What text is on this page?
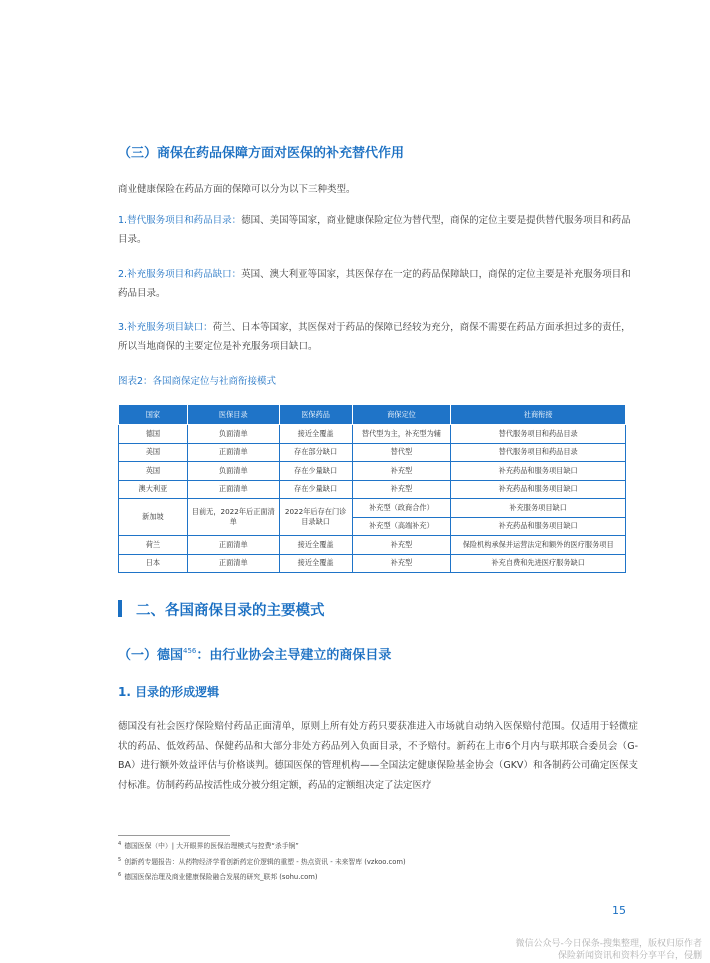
（三）商保在药品保障方面对医保的补充替代作用
商业健康保险在药品方面的保障可以分为以下三种类型。
1.替代服务项目和药品目录：德国、美国等国家，商业健康保险定位为替代型，商保的定位主要是提供替代服务项目和药品目录。
2.补充服务项目和药品缺口：英国、澳大利亚等国家，其医保存在一定的药品保障缺口，商保的定位主要是补充服务项目和药品目录。
3.补充服务项目缺口：荷兰、日本等国家，其医保对于药品的保障已经较为充分，商保不需要在药品方面承担过多的责任，所以当地商保的主要定位是补充服务项目缺口。
图表2：各国商保定位与社商衔接模式
国家	医保目录	医保药品	商保定位	社商衔接
德国	负面清单	接近全覆盖	替代型为主，补充型为辅	替代服务项目和药品目录
美国	正面清单	存在部分缺口	替代型	替代服务项目和药品目录
英国	负面清单	存在少量缺口	补充型	补充药品和服务项目缺口
澳大利亚	正面清单	存在少量缺口	补充型	补充药品和服务项目缺口
新加坡	目前无，2022年后正面清单	2022年后存在门诊目录缺口	补充型（政商合作）	补充服务项目缺口
			补充型（高端补充）	补充药品和服务项目缺口
荷兰	正面清单	接近全覆盖	补充型	保险机构承保并运营法定和额外的医疗服务项目
日本	正面清单	接近全覆盖	补充型	补充自费和先进医疗服务缺口
二、各国商保目录的主要模式
（一）德国$^{456}$：由行业协会主导建立的商保目录
1. 目录的形成逻辑
德国没有社会医疗保险赔付药品正面清单，原则上所有处方药只要获准进入市场就自动纳入医保赔付范围。仅适用于轻微症状的药品、低效药品、保健药品和大部分非处方药品列入负面目录，不予赔付。新药在上市6个月内与联邦联合委员会（G-BA）进行额外效益评估与价格谈判。德国医保的管理机构——全国法定健康保险基金协会（GKV）和各制药公司确定医保支付标准。仿制药药品按活性成分被分组定额，药品的定额组决定了法定医疗
$^4$ 德国医保（中）| 大开眼界的医保治理模式与控费“杀手锏”
$^5$ 创新药专题报告：从药物经济学看创新药定价逻辑的重塑 - 热点资讯 - 未来智库 (vzkoo.com)
$^6$ 德国医保治理及商业健康保险融合发展的研究_联邦 (sohu.com)
15
微信公众号-今日保条-搜集整理，版权归原作者
保险新闻资讯和资料分享平台，侵删
